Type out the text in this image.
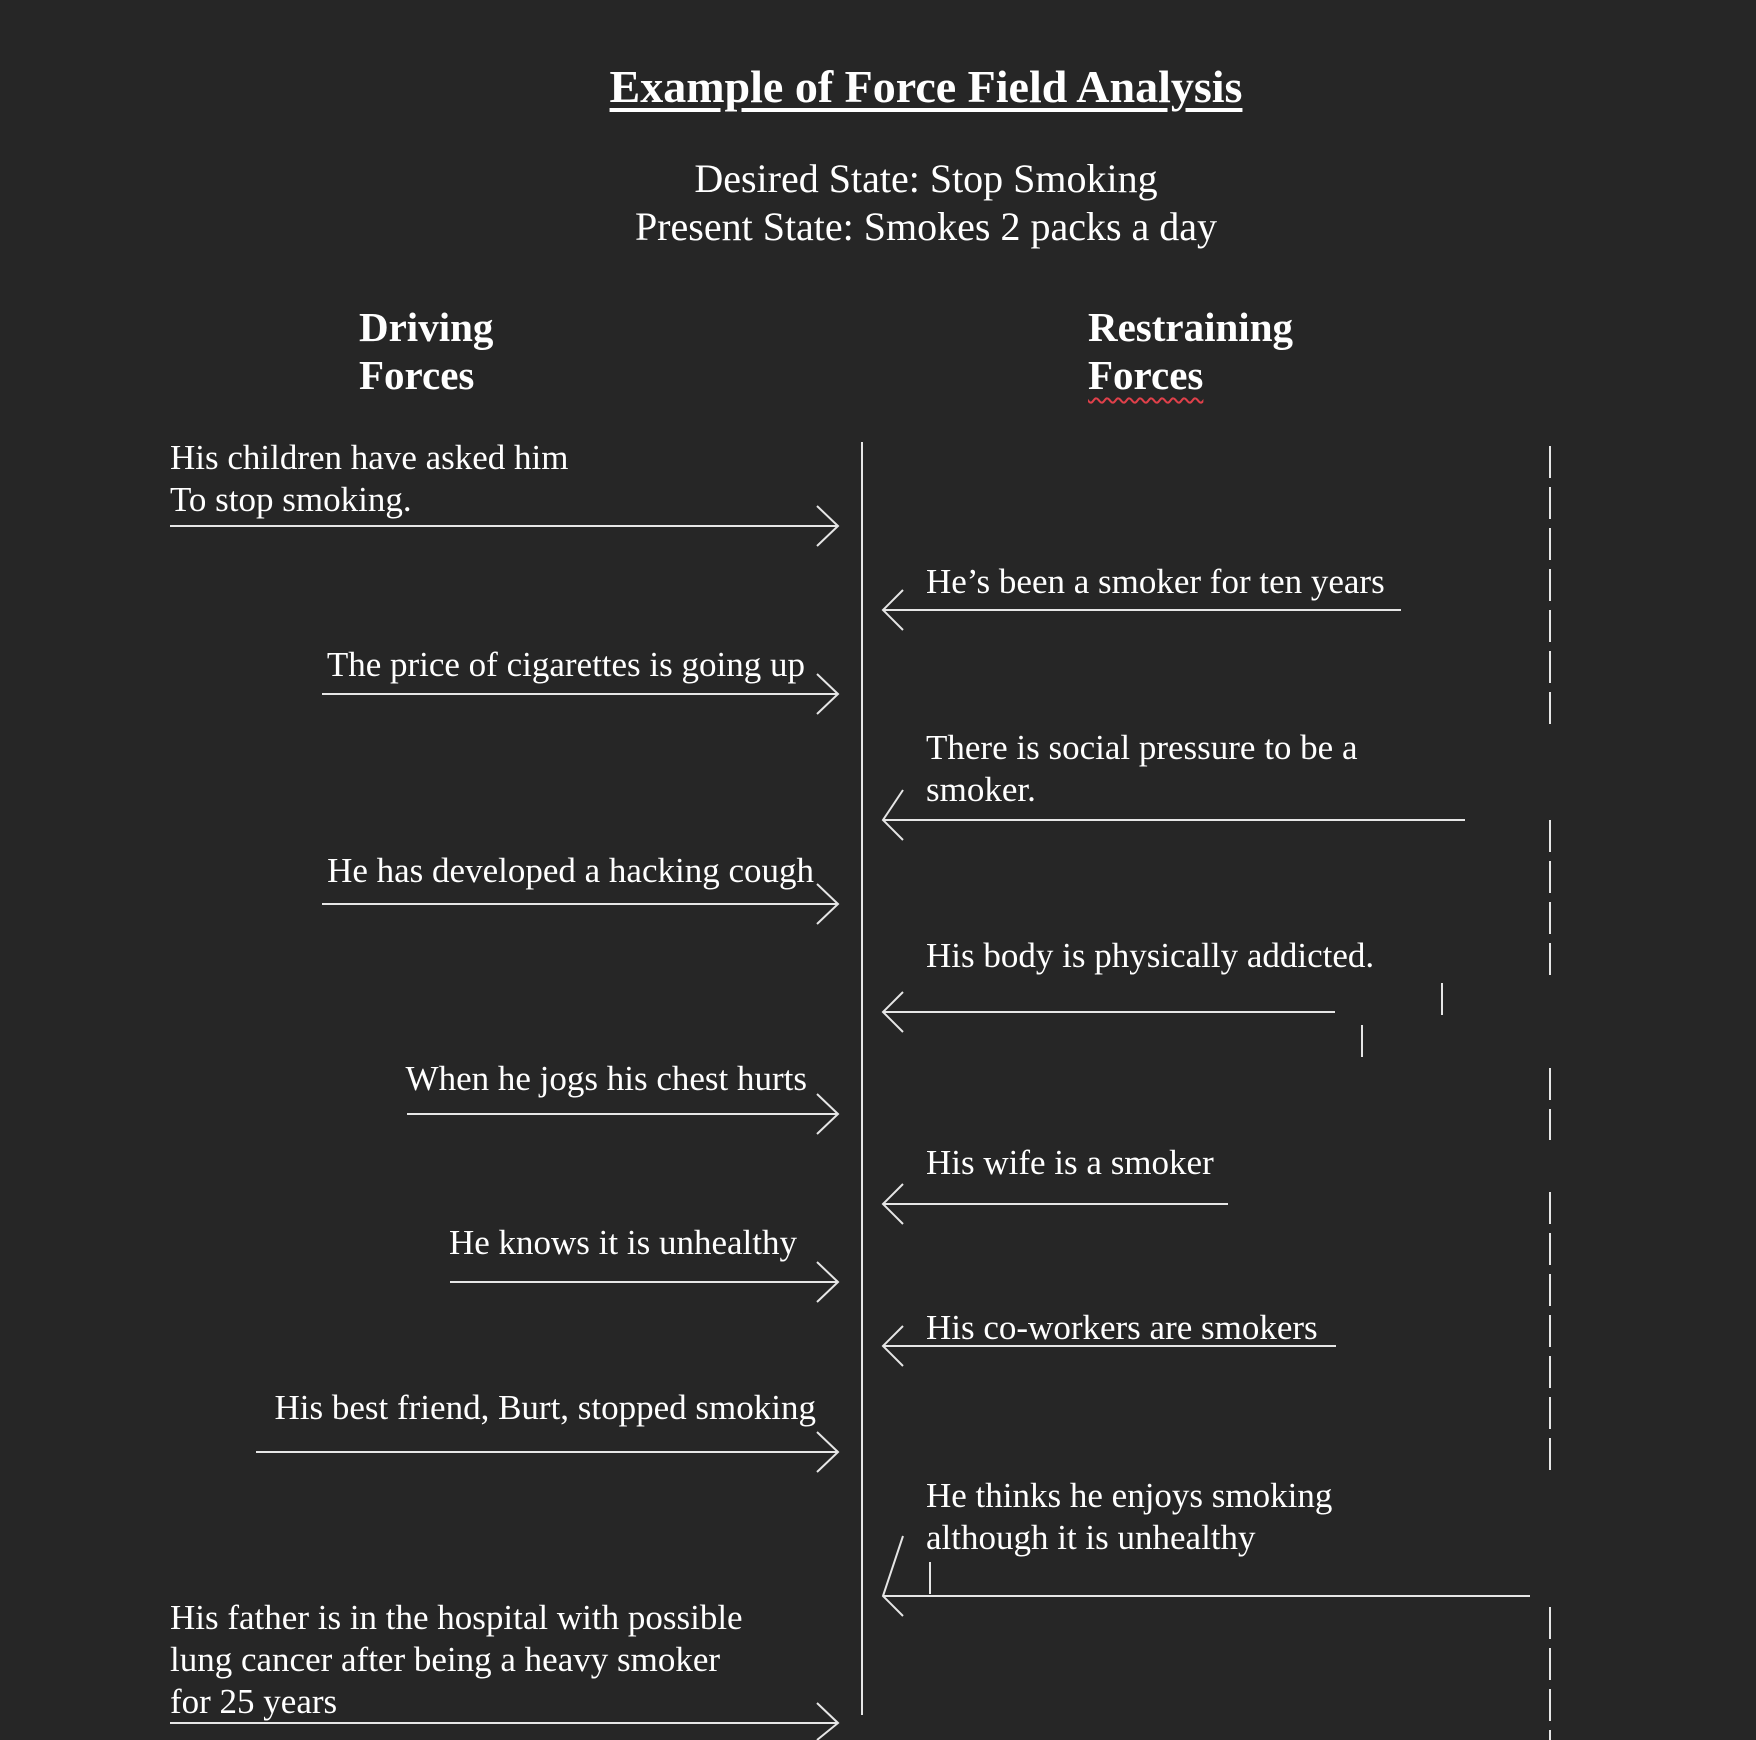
Example of Force Field Analysis
Desired State: Stop Smoking
Present State: Smokes 2 packs a day
Driving
Forces
Restraining
Forces
His children have asked him
To stop smoking.
The price of cigarettes is going up
He has developed a hacking cough
When he jogs his chest hurts
He knows it is unhealthy
His best friend, Burt, stopped smoking
His father is in the hospital with possible
lung cancer after being a heavy smoker
for 25 years
He’s been a smoker for ten years
There is social pressure to be a
smoker.
His body is physically addicted.
His wife is a smoker
His co-workers are smokers
He thinks he enjoys smoking
although it is unhealthy
